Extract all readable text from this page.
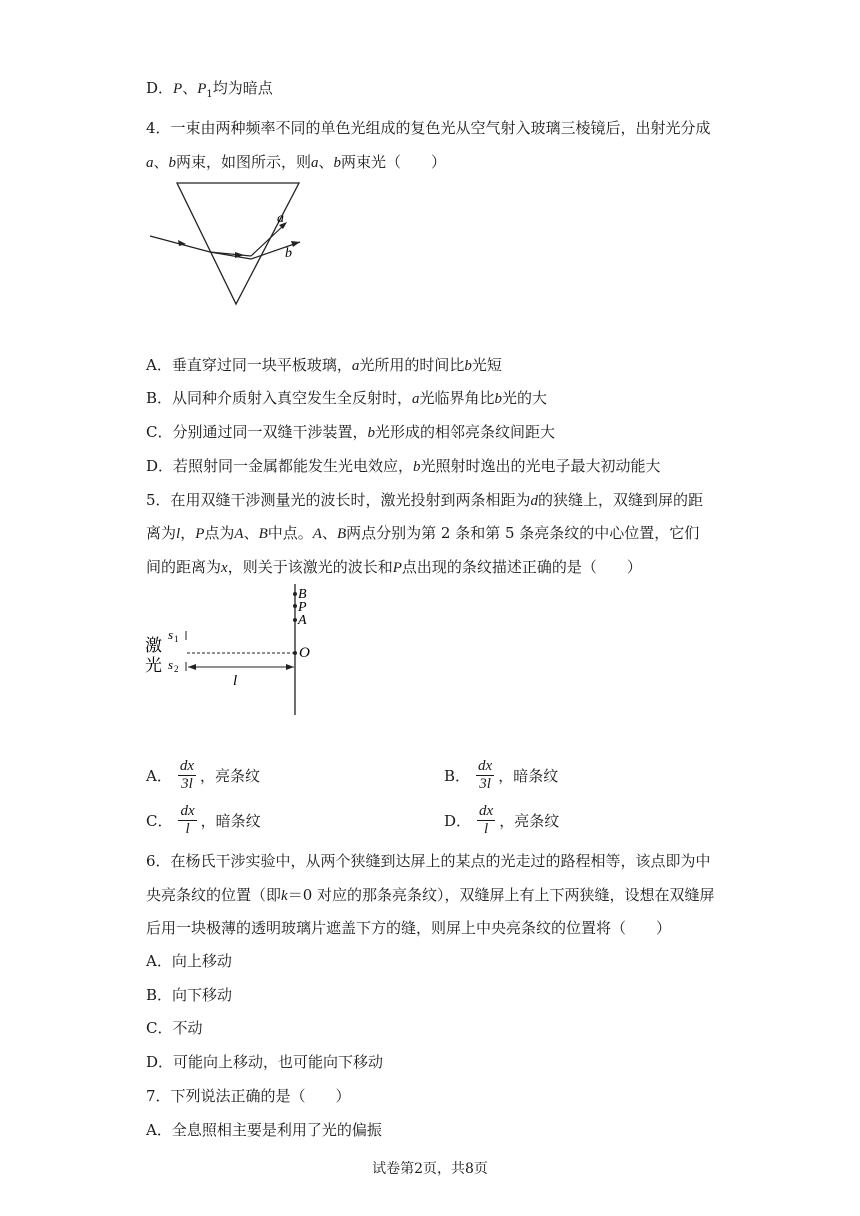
D．P、$P_1$均为暗点
4．一束由两种频率不同的单色光组成的复色光从空气射入玻璃三棱镜后，出射光分成
a、b两束，如图所示，则a、b两束光（　　）
a
b
A．垂直穿过同一块平板玻璃，a光所用的时间比b光短
B．从同种介质射入真空发生全反射时，a光临界角比b光的大
C．分别通过同一双缝干涉装置，b光形成的相邻亮条纹间距大
D．若照射同一金属都能发生光电效应，b光照射时逸出的光电子最大初动能大
5．在用双缝干涉测量光的波长时，激光投射到两条相距为d的狭缝上，双缝到屏的距
离为l，P点为A、B中点。A、B两点分别为第 2 条和第 5 条亮条纹的中心位置，它们
间的距离为x，则关于该激光的波长和P点出现的条纹描述正确的是（　　）
B
P
A
O
激
光
s 1
s 2
l
A． $\frac{dx}{3l}$ ，亮条纹	B． $\frac{dx}{3l}$ ，暗条纹
C． $\frac{dx}{l}$ ，暗条纹	D． $\frac{dx}{l}$ ，亮条纹
6．在杨氏干涉实验中，从两个狭缝到达屏上的某点的光走过的路程相等，该点即为中
央亮条纹的位置（即k＝0 对应的那条亮条纹），双缝屏上有上下两狭缝，设想在双缝屏
后用一块极薄的透明玻璃片遮盖下方的缝，则屏上中央亮条纹的位置将（　　）
A．向上移动
B．向下移动
C．不动
D．可能向上移动，也可能向下移动
7．下列说法正确的是（　　）
A．全息照相主要是利用了光的偏振
试卷第2页，共8页
